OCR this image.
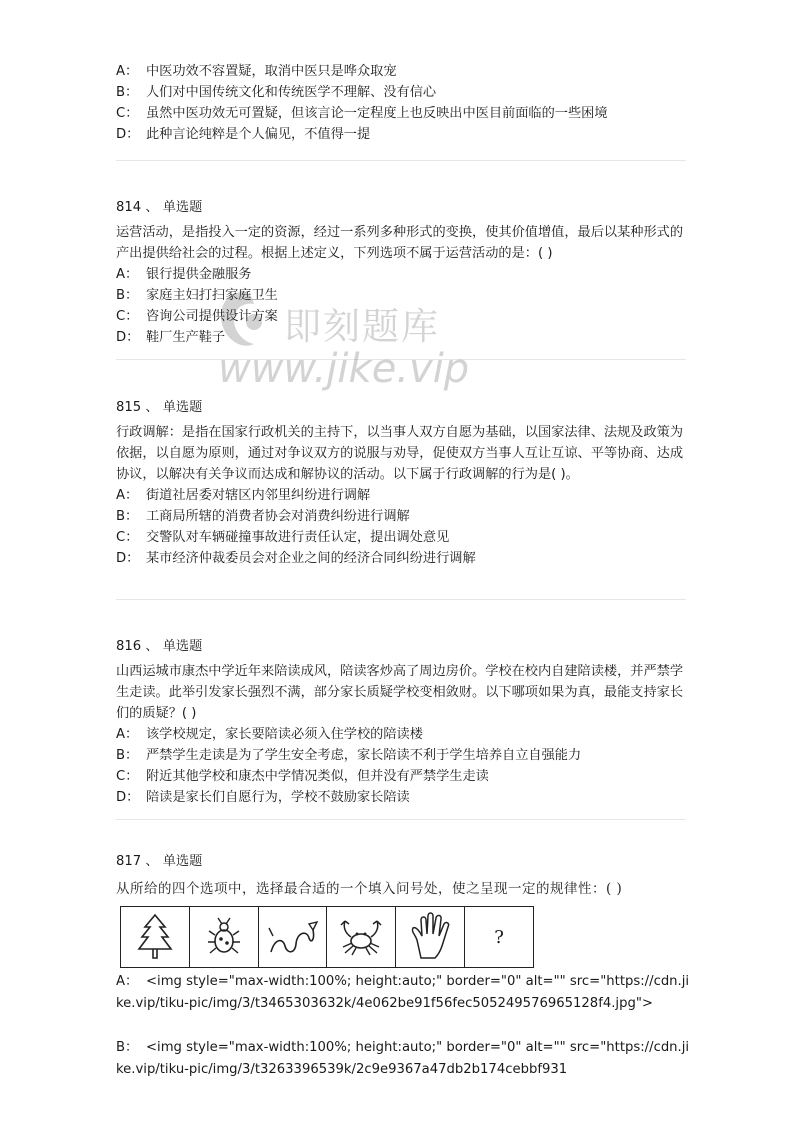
A： 中医功效不容置疑，取消中医只是哗众取宠
B： 人们对中国传统文化和传统医学不理解、没有信心
C： 虽然中医功效无可置疑，但该言论一定程度上也反映出中医目前面临的一些困境
D： 此种言论纯粹是个人偏见，不值得一提
814 、 单选题
运营活动，是指投入一定的资源，经过一系列多种形式的变换，使其价值增值，最后以某种形式的产出提供给社会的过程。根据上述定义，下列选项不属于运营活动的是：( )
A： 银行提供金融服务
B： 家庭主妇打扫家庭卫生
C： 咨询公司提供设计方案
D： 鞋厂生产鞋子
815 、 单选题
行政调解：是指在国家行政机关的主持下，以当事人双方自愿为基础，以国家法律、法规及政策为依据，以自愿为原则，通过对争议双方的说服与劝导，促使双方当事人互让互谅、平等协商、达成协议，以解决有关争议而达成和解协议的活动。以下属于行政调解的行为是( )。
A： 街道社居委对辖区内邻里纠纷进行调解
B： 工商局所辖的消费者协会对消费纠纷进行调解
C： 交警队对车辆碰撞事故进行责任认定，提出调处意见
D： 某市经济仲裁委员会对企业之间的经济合同纠纷进行调解
816 、 单选题
山西运城市康杰中学近年来陪读成风，陪读客炒高了周边房价。学校在校内自建陪读楼，并严禁学生走读。此举引发家长强烈不满，部分家长质疑学校变相敛财。以下哪项如果为真，最能支持家长们的质疑？( )
A： 该学校规定，家长要陪读必须入住学校的陪读楼
B： 严禁学生走读是为了学生安全考虑，家长陪读不利于学生培养自立自强能力
C： 附近其他学校和康杰中学情况类似，但并没有严禁学生走读
D： 陪读是家长们自愿行为，学校不鼓励家长陪读
817 、 单选题
从所给的四个选项中，选择最合适的一个填入问号处，使之呈现一定的规律性：( )
?
A： <img style="max-width:100%; height:auto;" border="0" alt="" src="https://cdn.jike.vip/tiku-pic/img/3/t3465303632k/4e062be91f56fec505249576965128f4.jpg">
B： <img style="max-width:100%; height:auto;" border="0" alt="" src="https://cdn.jike.vip/tiku-pic/img/3/t3263396539k/2c9e9367a47db2b174cebbf931
即刻题库
www.jike.vip
